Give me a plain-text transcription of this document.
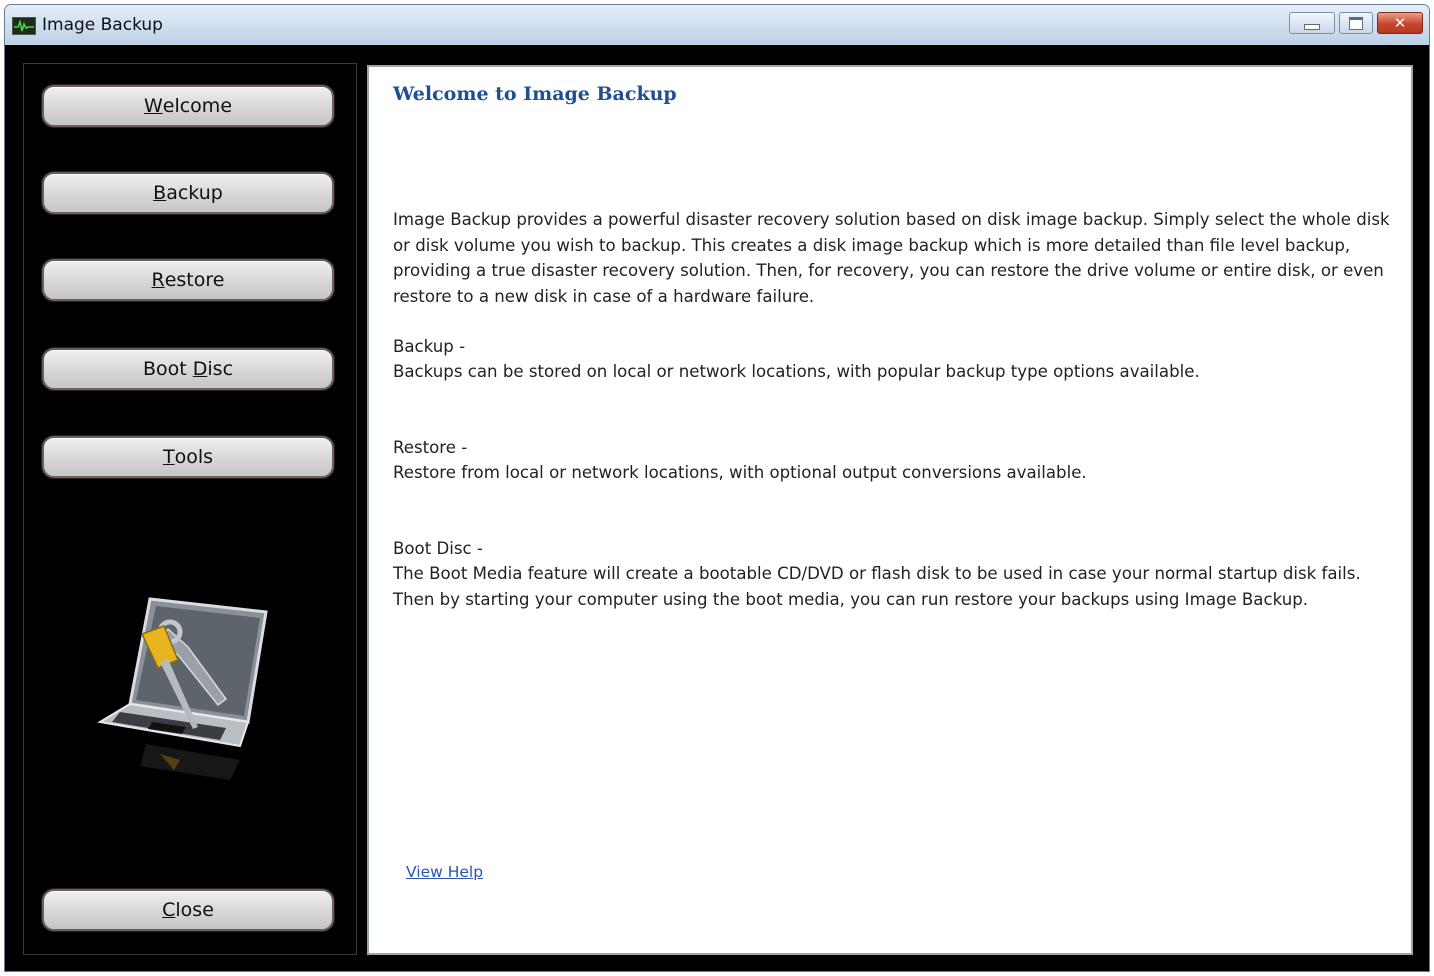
Image Backup	✕
W elcome
B ackup
R estore
Boot D isc
T ools
C lose
Welcome to Image Backup

Image Backup provides a powerful disaster recovery solution based on disk image backup. Simply select the whole disk or disk volume you wish to backup. This creates a disk image backup which is more detailed than file level backup, providing a true disaster recovery solution. Then, for recovery, you can restore the drive volume or entire disk, or even restore to a new disk in case of a hardware failure.

Backup -

Backups can be stored on local or network locations, with popular backup type options available.

Restore -

Restore from local or network locations, with optional output conversions available.

Boot Disc -

The Boot Media feature will create a bootable CD/DVD or flash disk to be used in case your normal startup disk fails. Then by starting your computer using the boot media, you can run restore your backups using Image Backup.

View Help
